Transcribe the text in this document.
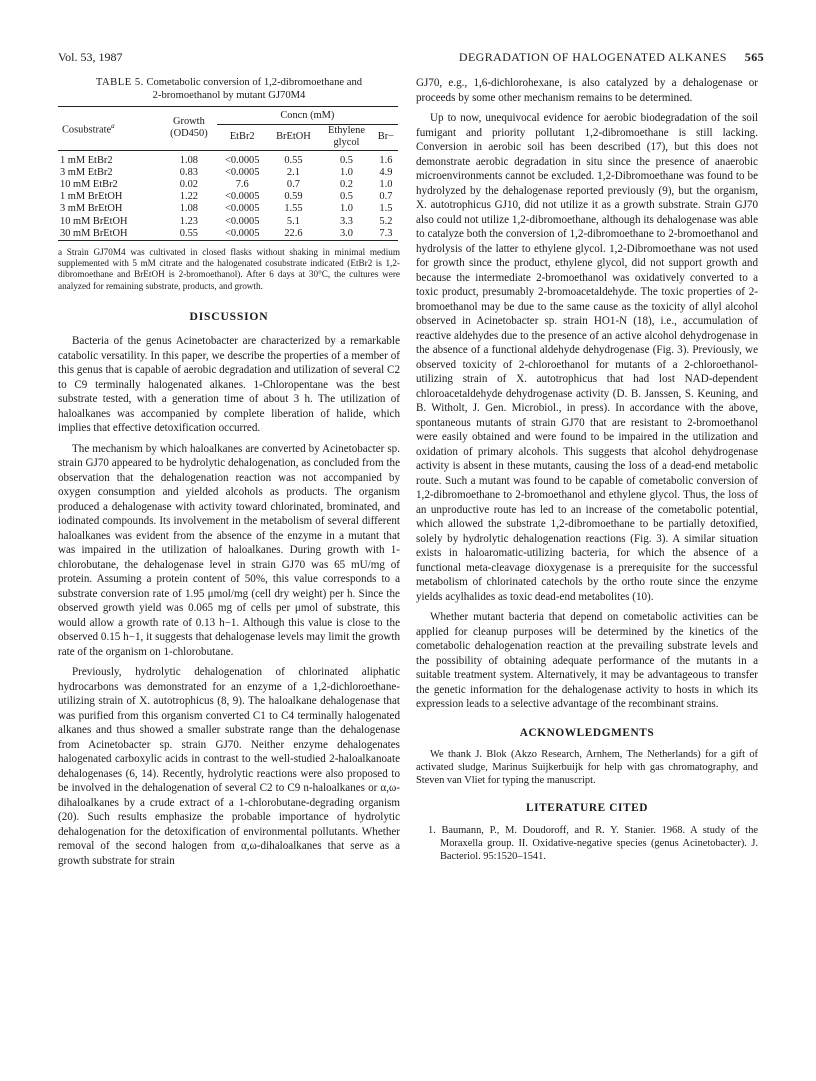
Vol. 53, 1987	DEGRADATION OF HALOGENATED ALKANES 565
TABLE 5. Cometabolic conversion of 1,2-dibromoethane and
2-bromoethanol by mutant GJ70M4
Cosubstrate$^a$	Growth
(OD450)	Concn (mM)			
		EtBr2	BrEtOH	Ethylene
glycol	Br−

1 mM EtBr2	1.08	<0.0005	0.55	0.5	1.6
3 mM EtBr2	0.83	<0.0005	2.1	1.0	4.9
10 mM EtBr2	0.02	7.6	0.7	0.2	1.0
1 mM BrEtOH	1.22	<0.0005	0.59	0.5	0.7
3 mM BrEtOH	1.08	<0.0005	1.55	1.0	1.5
10 mM BrEtOH	1.23	<0.0005	5.1	3.3	5.2
30 mM BrEtOH	0.55	<0.0005	22.6	3.0	7.3

a Strain GJ70M4 was cultivated in closed flasks without shaking in minimal medium supplemented with 5 mM citrate and the halogenated cosubstrate indicated (EtBr2 is 1,2-dibromoethane and BrEtOH is 2-bromoethanol). After 6 days at 30°C, the cultures were analyzed for remaining substrate, products, and growth.

DISCUSSION

Bacteria of the genus Acinetobacter are characterized by a remarkable catabolic versatility. In this paper, we describe the properties of a member of this genus that is capable of aerobic degradation and utilization of several C2 to C9 terminally halogenated alkanes. 1-Chloropentane was the best substrate tested, with a generation time of about 3 h. The utilization of haloalkanes was accompanied by complete liberation of halide, which implies that effective detoxification occurred.

The mechanism by which haloalkanes are converted by Acinetobacter sp. strain GJ70 appeared to be hydrolytic dehalogenation, as concluded from the observation that the dehalogenation reaction was not accompanied by oxygen consumption and yielded alcohols as products. The organism produced a dehalogenase with activity toward chlorinated, brominated, and iodinated compounds. Its involvement in the metabolism of several different haloalkanes was evident from the absence of the enzyme in a mutant that was impaired in the utilization of haloalkanes. During growth with 1-chlorobutane, the dehalogenase level in strain GJ70 was 65 mU/mg of protein. Assuming a protein content of 50%, this value corresponds to a substrate conversion rate of 1.95 μmol/mg (cell dry weight) per h. Since the observed growth yield was 0.065 mg of cells per μmol of substrate, this would allow a growth rate of 0.13 h−1. Although this value is close to the observed 0.15 h−1, it suggests that dehalogenase levels may limit the growth rate of the organism on 1-chlorobutane.

Previously, hydrolytic dehalogenation of chlorinated aliphatic hydrocarbons was demonstrated for an enzyme of a 1,2-dichloroethane-utilizing strain of X. autotrophicus (8, 9). The haloalkane dehalogenase that was purified from this organism converted C1 to C4 terminally halogenated alkanes and thus showed a smaller substrate range than the dehalogenase from Acinetobacter sp. strain GJ70. Neither enzyme dehalogenates halogenated carboxylic acids in contrast to the well-studied 2-haloalkanoate dehalogenases (6, 14). Recently, hydrolytic reactions were also proposed to be involved in the dehalogenation of several C2 to C9 n-haloalkanes or α,ω-dihaloalkanes by a crude extract of a 1-chlorobutane-degrading organism (20). Such results emphasize the probable importance of hydrolytic dehalogenation for the detoxification of environmental pollutants. Whether removal of the second halogen from α,ω-dihaloalkanes that serve as a growth substrate for strain

GJ70, e.g., 1,6-dichlorohexane, is also catalyzed by a dehalogenase or proceeds by some other mechanism remains to be determined.

Up to now, unequivocal evidence for aerobic biodegradation of the soil fumigant and priority pollutant 1,2-dibromoethane is still lacking. Conversion in aerobic soil has been described (17), but this does not demonstrate aerobic degradation in situ since the presence of anaerobic microenvironments cannot be excluded. 1,2-Dibromoethane was found to be hydrolyzed by the dehalogenase reported previously (9), but the organism, X. autotrophicus GJ10, did not utilize it as a growth substrate. Strain GJ70 also could not utilize 1,2-dibromoethane, although its dehalogenase was able to catalyze both the conversion of 1,2-dibromoethane to 2-bromoethanol and hydrolysis of the latter to ethylene glycol. 1,2-Dibromoethane was not used for growth since the product, ethylene glycol, did not support growth and because the intermediate 2-bromoethanol was oxidatively converted to a toxic product, presumably 2-bromoacetaldehyde. The toxic properties of 2-bromoethanol may be due to the same cause as the toxicity of allyl alcohol observed in Acinetobacter sp. strain HO1-N (18), i.e., accumulation of reactive aldehydes due to the presence of an active alcohol dehydrogenase in the absence of a functional aldehyde dehydrogenase (Fig. 3). Previously, we observed toxicity of 2-chloroethanol for mutants of a 2-chloroethanol-utilizing strain of X. autotrophicus that had lost NAD-dependent chloroacetaldehyde dehydrogenase activity (D. B. Janssen, S. Keuning, and B. Witholt, J. Gen. Microbiol., in press). In accordance with the above, spontaneous mutants of strain GJ70 that are resistant to 2-bromoethanol were easily obtained and were found to be impaired in the utilization and oxidation of primary alcohols. This suggests that alcohol dehydrogenase activity is absent in these mutants, causing the loss of a dead-end metabolic route. Such a mutant was found to be capable of cometabolic conversion of 1,2-dibromoethane to 2-bromoethanol and ethylene glycol. Thus, the loss of an unproductive route has led to an increase of the cometabolic potential, which allowed the substrate 1,2-dibromoethane to be partially detoxified, solely by hydrolytic dehalogenation reactions (Fig. 3). A similar situation exists in haloaromatic-utilizing bacteria, for which the absence of a functional meta-cleavage dioxygenase is a prerequisite for the successful metabolism of chlorinated catechols by the ortho route since the enzyme yields acylhalides as toxic dead-end metabolites (10).

Whether mutant bacteria that depend on cometabolic activities can be applied for cleanup purposes will be determined by the kinetics of the cometabolic dehalogenation reaction at the prevailing substrate levels and the possibility of obtaining adequate performance of the mutants in a suitable treatment system. Alternatively, it may be advantageous to transfer the genetic information for the dehalogenase activity to hosts in which its expression leads to a selective advantage of the recombinant strains.

ACKNOWLEDGMENTS

We thank J. Blok (Akzo Research, Arnhem, The Netherlands) for a gift of activated sludge, Marinus Suijkerbuijk for help with gas chromatography, and Steven van Vliet for typing the manuscript.

LITERATURE CITED

1. Baumann, P., M. Doudoroff, and R. Y. Stanier. 1968. A study of the Moraxella group. II. Oxidative-negative species (genus Acinetobacter). J. Bacteriol. 95:1520–1541.
